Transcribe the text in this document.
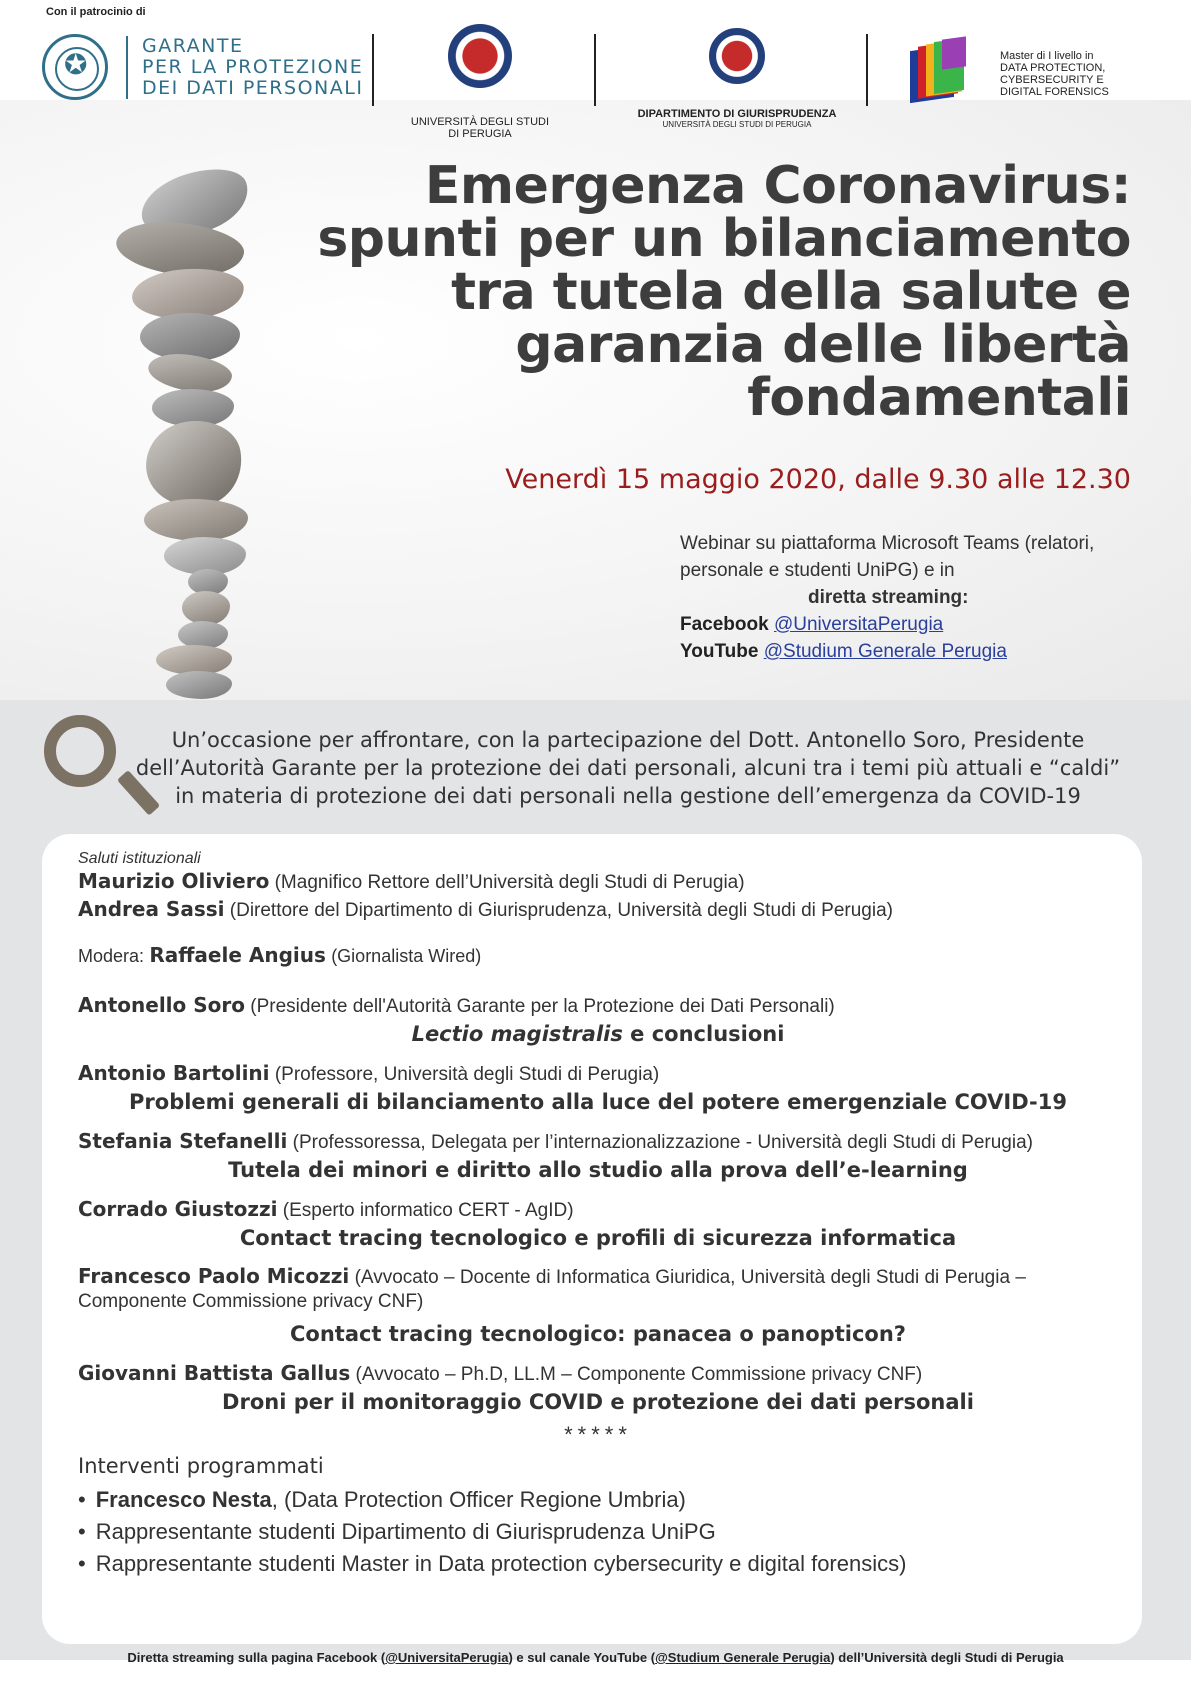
Con il patrocinio di
✪
GARANTE
PER LA PROTEZIONE
DEI DATI PERSONALI
UNIVERSITÀ DEGLI STUDI
DI PERUGIA
DIPARTIMENTO DI GIURISPRUDENZA
UNIVERSITÀ DEGLI STUDI DI PERUGIA
Master di I livello in
DATA PROTECTION,
CYBERSECURITY E
DIGITAL FORENSICS
Emergenza Coronavirus:
spunti per un bilanciamento
tra tutela della salute e
garanzia delle libertà
fondamentali
Venerdì 15 maggio 2020, dalle 9.30 alle 12.30
Webinar su piattaforma Microsoft Teams (relatori,
personale e studenti UniPG) e in
diretta streaming:
Facebook @UniversitaPerugia
YouTube @Studium Generale Perugia
Un’occasione per affrontare, con la partecipazione del Dott. Antonello Soro, Presidente
dell’Autorità Garante per la protezione dei dati personali, alcuni tra i temi più attuali e “caldi”
in materia di protezione dei dati personali nella gestione dell’emergenza da COVID-19
Saluti istituzionali
Maurizio Oliviero (Magnifico Rettore dell’Università degli Studi di Perugia)
Andrea Sassi (Direttore del Dipartimento di Giurisprudenza, Università degli Studi di Perugia)
Modera: Raffaele Angius (Giornalista Wired)
Antonello Soro (Presidente dell'Autorità Garante per la Protezione dei Dati Personali)
Lectio magistralis e conclusioni
Antonio Bartolini (Professore, Università degli Studi di Perugia)
Problemi generali di bilanciamento alla luce del potere emergenziale COVID-19
Stefania Stefanelli (Professoressa, Delegata per l’internazionalizzazione - Università degli Studi di Perugia)
Tutela dei minori e diritto allo studio alla prova dell’e-learning
Corrado Giustozzi (Esperto informatico CERT - AgID)
Contact tracing tecnologico e profili di sicurezza informatica
Francesco Paolo Micozzi (Avvocato – Docente di Informatica Giuridica, Università degli Studi di Perugia – Componente Commissione privacy CNF)
Contact tracing tecnologico: panacea o panopticon?
Giovanni Battista Gallus (Avvocato – Ph.D, LL.M – Componente Commissione privacy CNF)
Droni per il monitoraggio COVID e protezione dei dati personali
*****
Interventi programmati
• Francesco Nesta, (Data Protection Officer Regione Umbria)
• Rappresentante studenti Dipartimento di Giurisprudenza UniPG
• Rappresentante studenti Master in Data protection cybersecurity e digital forensics)
Diretta streaming sulla pagina Facebook (@UniversitaPerugia) e sul canale YouTube (@Studium Generale Perugia) dell’Università degli Studi di Perugia
